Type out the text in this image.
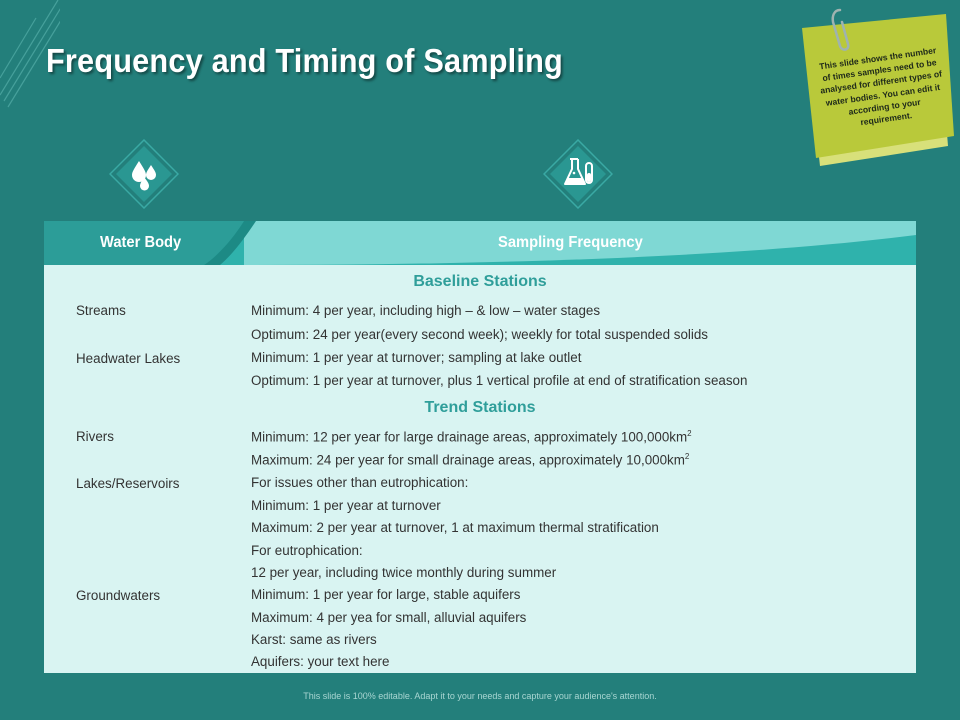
Frequency and Timing of Sampling	This slide shows the number of times samples need to be analysed for different types of water bodies. You can edit it according to your requirement.
Water Body	Sampling Frequency
Baseline Stations
Streams	Minimum: 4 per year, including high – & low – water stages
Optimum: 24 per year(every second week); weekly for total suspended solids
Headwater Lakes	Minimum: 1 per year at turnover; sampling at lake outlet
Optimum: 1 per year at turnover, plus 1 vertical profile at end of stratification season
Trend Stations
Rivers	Minimum: 12 per year for large drainage areas, approximately $100,000km^2$
Maximum: 24 per year for small drainage areas, approximately $10,000km^2$
Lakes/Reservoirs	For issues other than eutrophication:
Minimum: 1 per year at turnover
Maximum: 2 per year at turnover, 1 at maximum thermal stratification
For eutrophication:
12 per year, including twice monthly during summer
Groundwaters	Minimum: 1 per year for large, stable aquifers
Maximum: 4 per yea for small, alluvial aquifers
Karst: same as rivers
Aquifers: your text here
This slide is 100% editable. Adapt it to your needs and capture your audience's attention.
